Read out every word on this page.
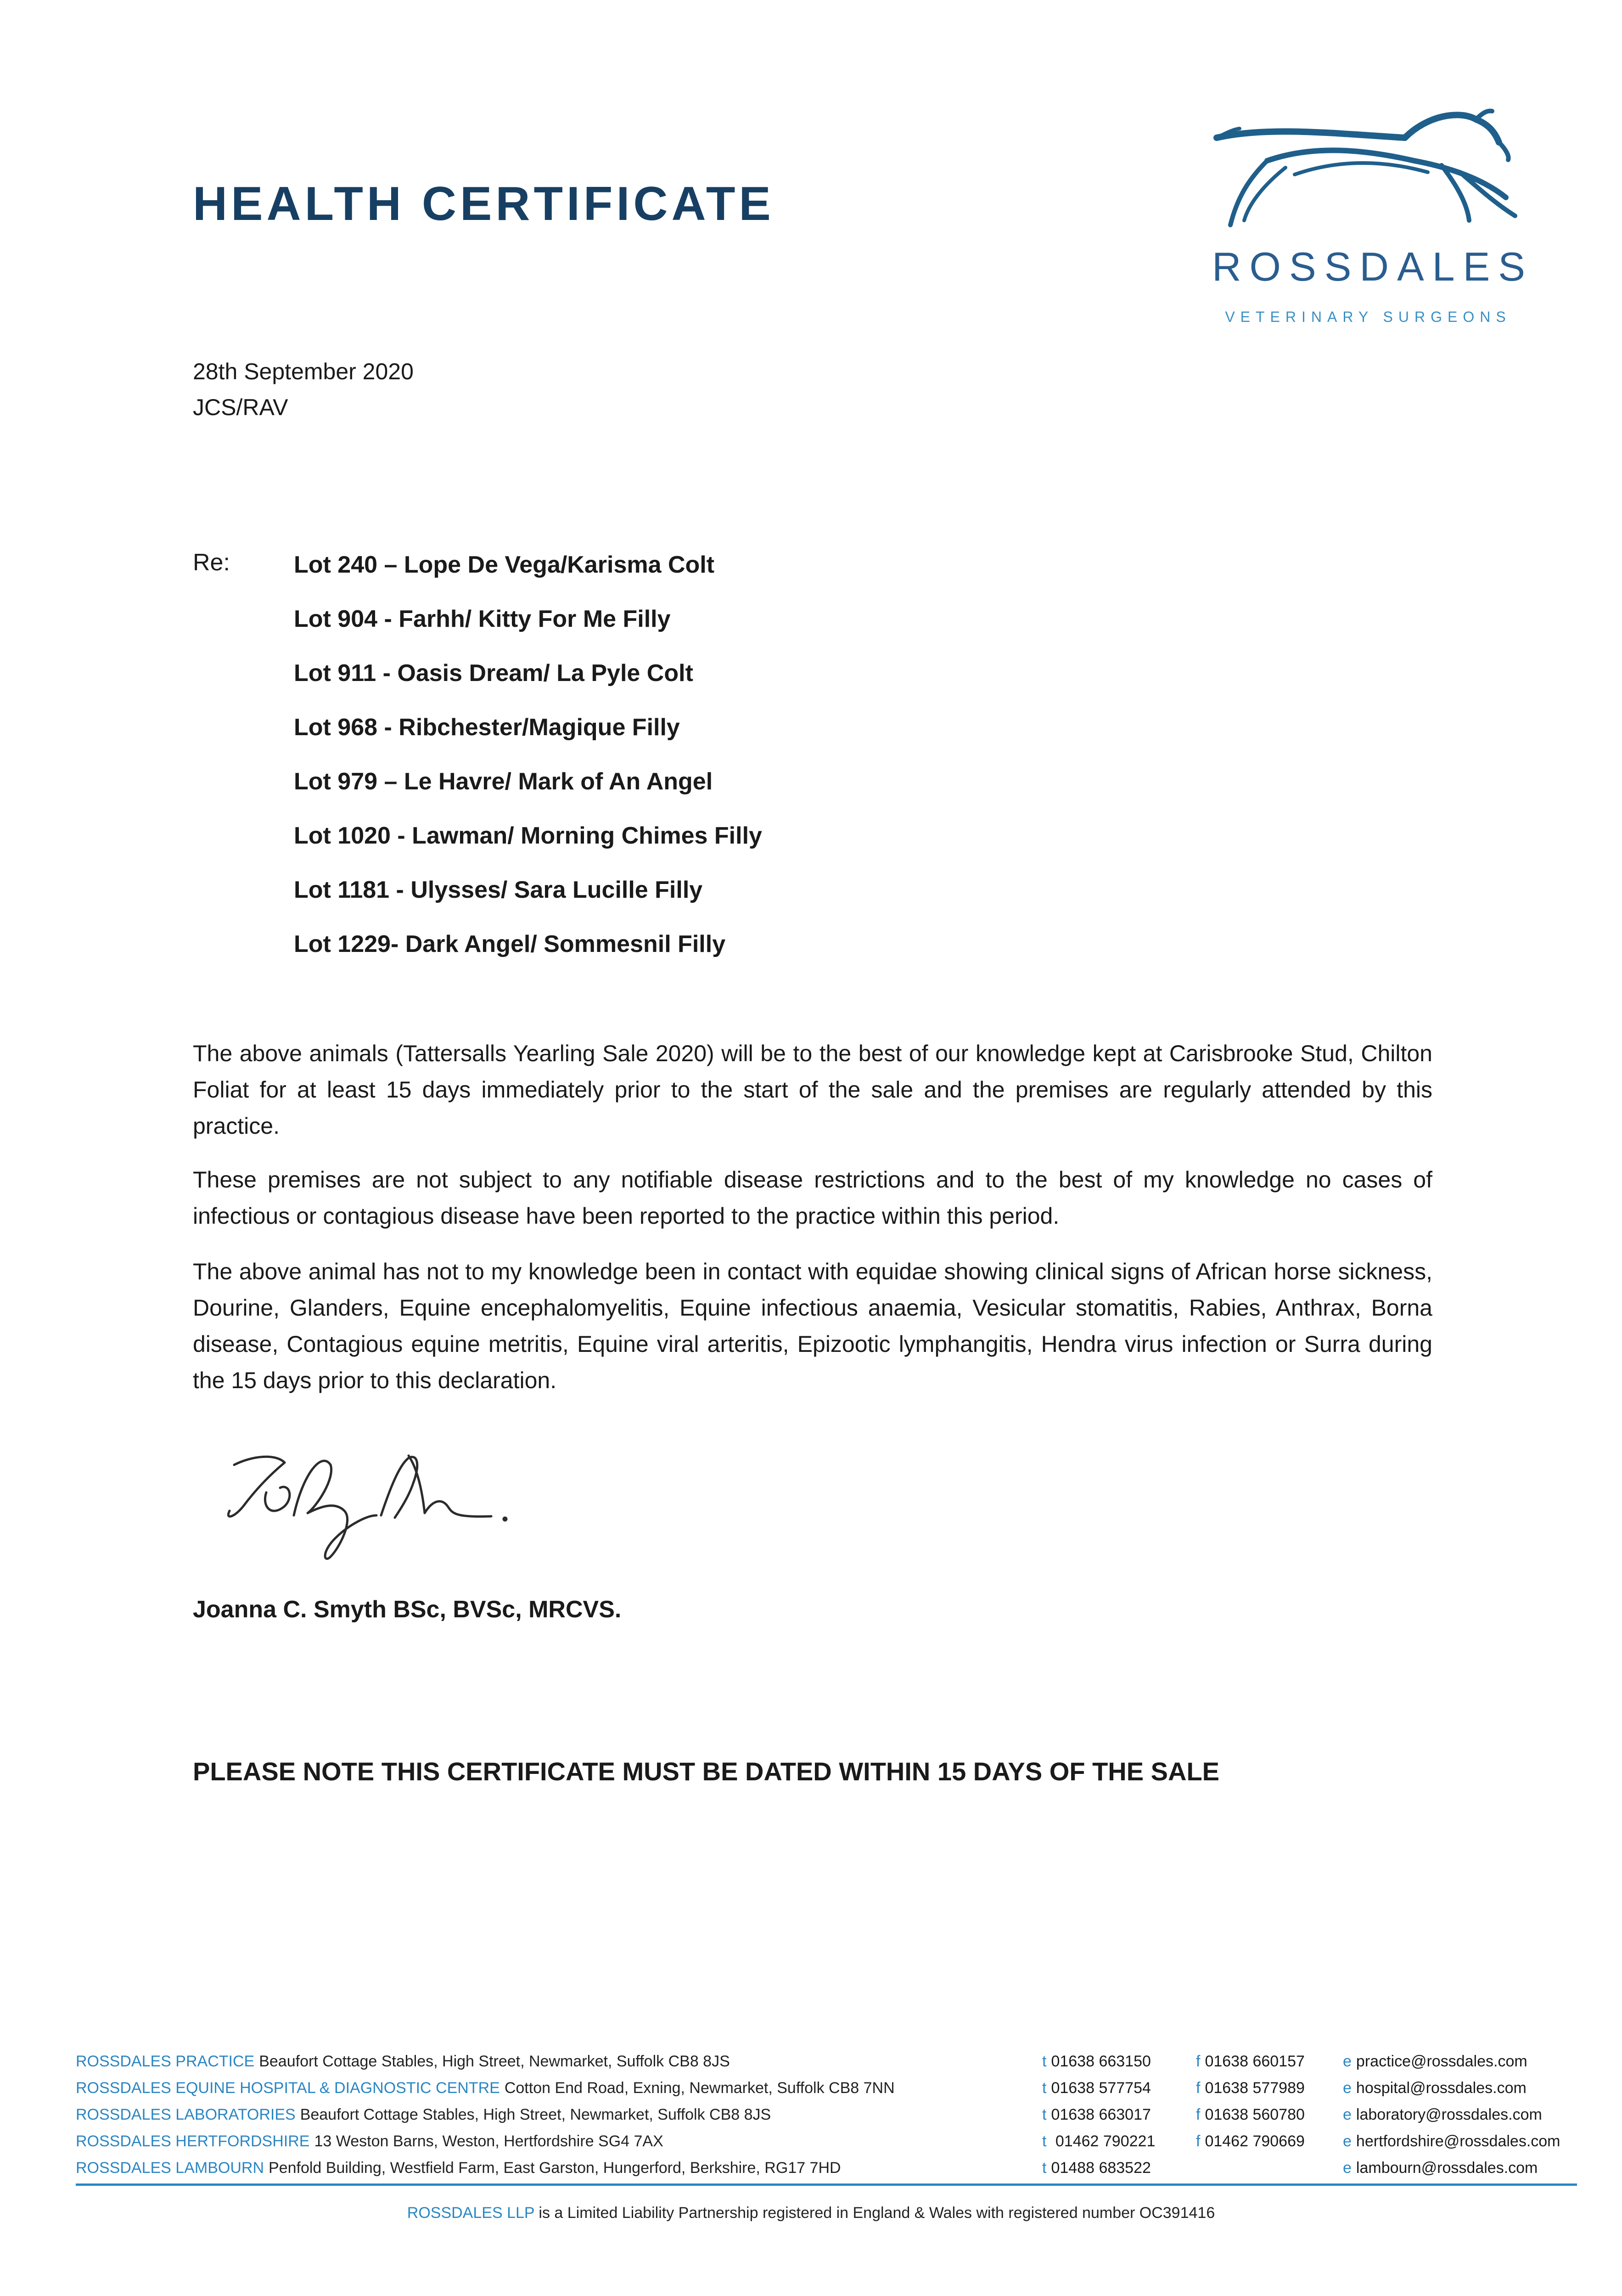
HEALTH CERTIFICATE
ROSSDALES
VETERINARY SURGEONS
28th September 2020
JCS/RAV
Re:	Lot 240 – Lope De Vega/Karisma Colt
Lot 904 - Farhh/ Kitty For Me Filly
Lot 911 - Oasis Dream/ La Pyle Colt
Lot 968 - Ribchester/Magique Filly
Lot 979 – Le Havre/ Mark of An Angel
Lot 1020 - Lawman/ Morning Chimes Filly
Lot 1181 - Ulysses/ Sara Lucille Filly
Lot 1229- Dark Angel/ Sommesnil Filly

The above animals (Tattersalls Yearling Sale 2020) will be to the best of our knowledge kept at Carisbrooke Stud, Chilton Foliat for at least 15 days immediately prior to the start of the sale and the premises are regularly attended by this practice.

These premises are not subject to any notifiable disease restrictions and to the best of my knowledge no cases of infectious or contagious disease have been reported to the practice within this period.

The above animal has not to my knowledge been in contact with equidae showing clinical signs of African horse sickness, Dourine, Glanders, Equine encephalomyelitis, Equine infectious anaemia, Vesicular stomatitis, Rabies, Anthrax, Borna disease, Contagious equine metritis, Equine viral arteritis, Epizootic lymphangitis, Hendra virus infection or Surra during the 15 days prior to this declaration.

Joanna C. Smyth BSc, BVSc, MRCVS.
PLEASE NOTE THIS CERTIFICATE MUST BE DATED WITHIN 15 DAYS OF THE SALE
ROSSDALES PRACTICE Beaufort Cottage Stables, High Street, Newmarket, Suffolk CB8 8JS	t 01638 663150	f 01638 660157 e practice@rossdales.com
ROSSDALES EQUINE HOSPITAL & DIAGNOSTIC CENTRE Cotton End Road, Exning, Newmarket, Suffolk CB8 7NN	t 01638 577754	f 01638 577989 e hospital@rossdales.com
ROSSDALES LABORATORIES Beaufort Cottage Stables, High Street, Newmarket, Suffolk CB8 8JS	t 01638 663017	f 01638 560780 e laboratory@rossdales.com
ROSSDALES HERTFORDSHIRE 13 Weston Barns, Weston, Hertfordshire SG4 7AX	t 01462 790221	f 01462 790669 e hertfordshire@rossdales.com
ROSSDALES LAMBOURN Penfold Building, Westfield Farm, East Garston, Hungerford, Berkshire, RG17 7HD	t 01488 683522	e lambourn@rossdales.com
ROSSDALES LLP is a Limited Liability Partnership registered in England & Wales with registered number OC391416
